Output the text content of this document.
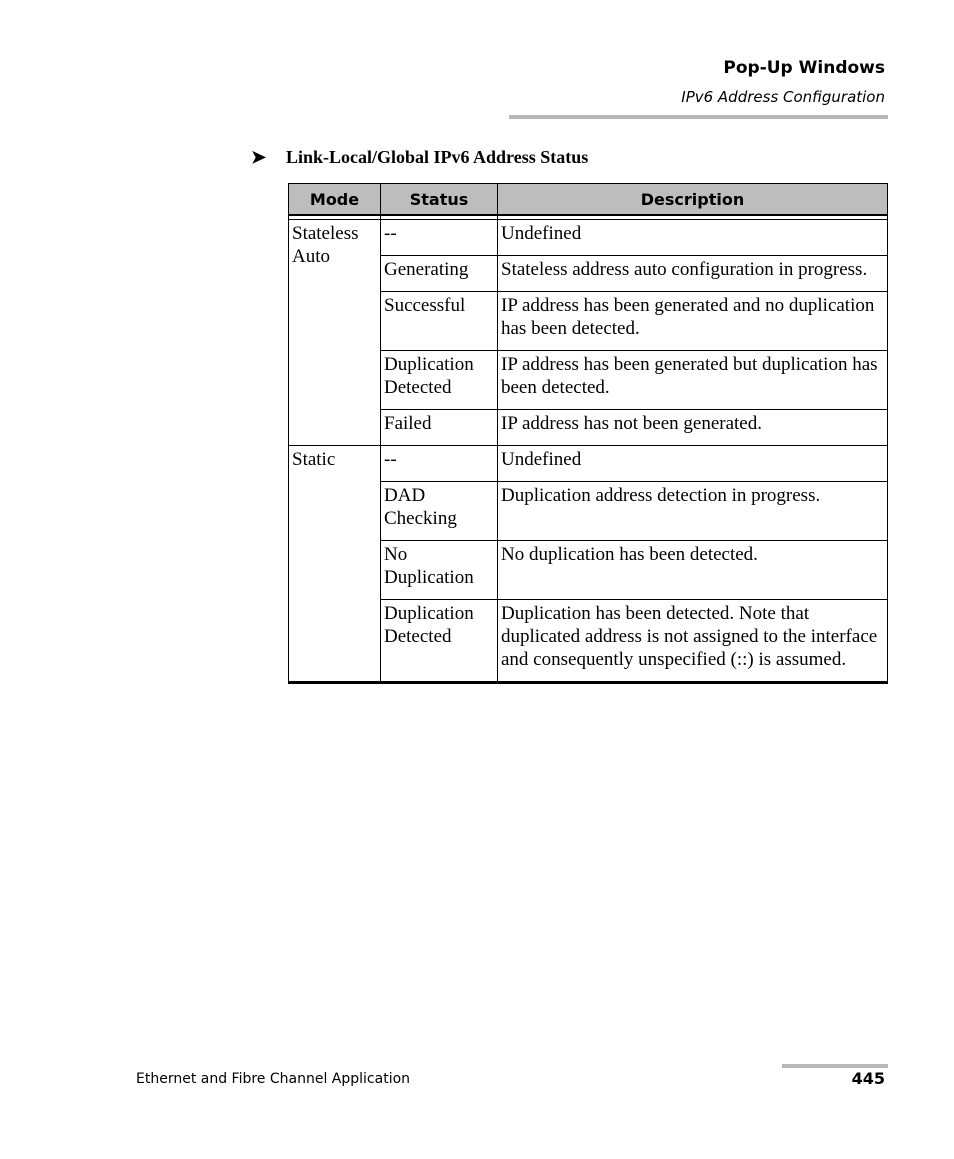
Pop-Up Windows
IPv6 Address Configuration
➤	Link-Local/Global IPv6 Address Status
Mode	Status	Description

Stateless Auto	--	Undefined
	Generating	Stateless address auto configuration in progress.
	Successful	IP address has been generated and no duplication has been detected.
	Duplication Detected	IP address has been generated but duplication has been detected.
	Failed	IP address has not been generated.
Static	--	Undefined
	DAD Checking	Duplication address detection in progress.
	No Duplication	No duplication has been detected.
	Duplication Detected	Duplication has been detected. Note that duplicated address is not assigned to the interface and consequently unspecified (::) is assumed.
Ethernet and Fibre Channel Application	445
